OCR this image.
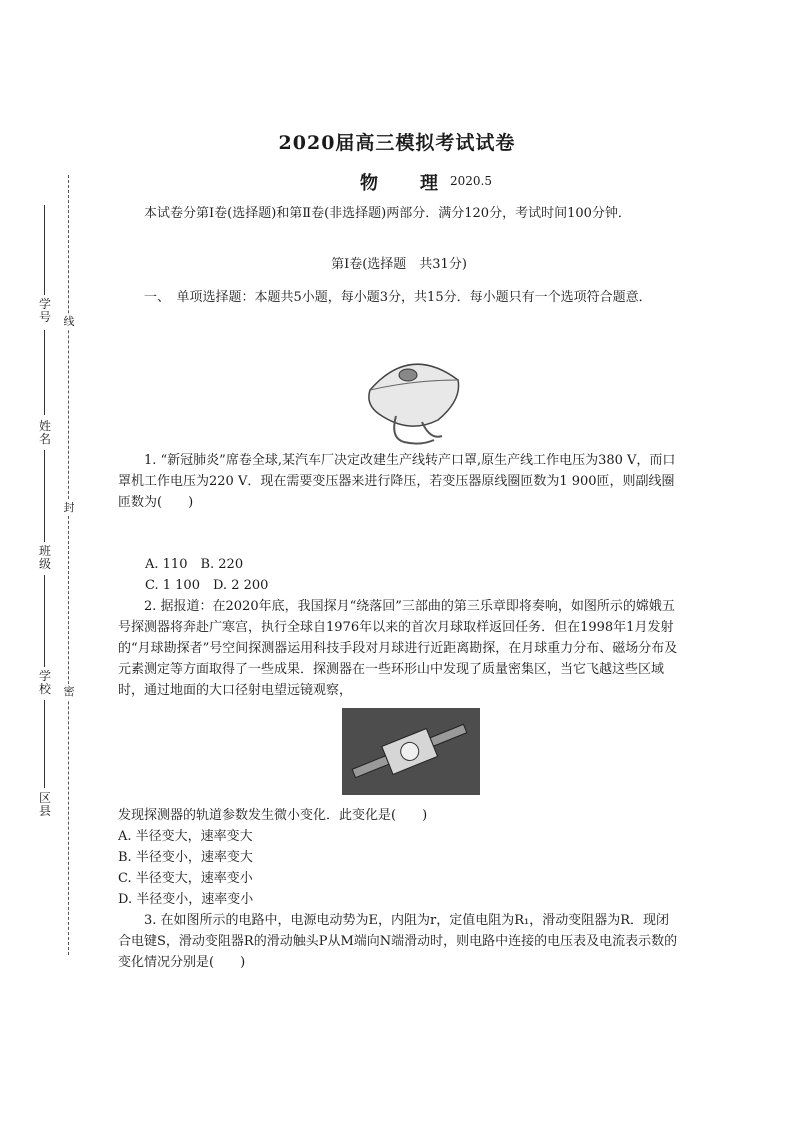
线
封
密
学号
姓名
班级
学校
区县
2020届高三模拟考试试卷
物 理 2020.5
本试卷分第Ⅰ卷(选择题)和第Ⅱ卷(非选择题)两部分．满分120分，考试时间100分钟．
第Ⅰ卷(选择题　共31分)
一、　单项选择题：本题共5小题，每小题3分，共15分．每小题只有一个选项符合题意．
1. “新冠肺炎”席卷全球,某汽车厂决定改建生产线转产口罩,原生产线工作电压为380 V，而口罩机工作电压为220 V．现在需要变压器来进行降压，若变压器原线圈匝数为1 900匝，则副线圈匝数为(　　)
A. 110　B. 220
C. 1 100　D. 2 200
2. 据报道：在2020年底，我国探月“绕落回”三部曲的第三乐章即将奏响，如图所示的嫦娥五号探测器将奔赴广寒宫，执行全球自1976年以来的首次月球取样返回任务．但在1998年1月发射的“月球勘探者”号空间探测器运用科技手段对月球进行近距离勘探，在月球重力分布、磁场分布及元素测定等方面取得了一些成果．探测器在一些环形山中发现了质量密集区，当它飞越这些区域时，通过地面的大口径射电望远镜观察，
发现探测器的轨道参数发生微小变化．此变化是(　　)
A. 半径变大，速率变大
B. 半径变小，速率变大
C. 半径变大，速率变小
D. 半径变小，速率变小
3. 在如图所示的电路中，电源电动势为E，内阻为r，定值电阻为R₁，滑动变阻器为R．现闭合电键S，滑动变阻器R的滑动触头P从M端向N端滑动时，则电路中连接的电压表及电流表示数的变化情况分别是(　　)
